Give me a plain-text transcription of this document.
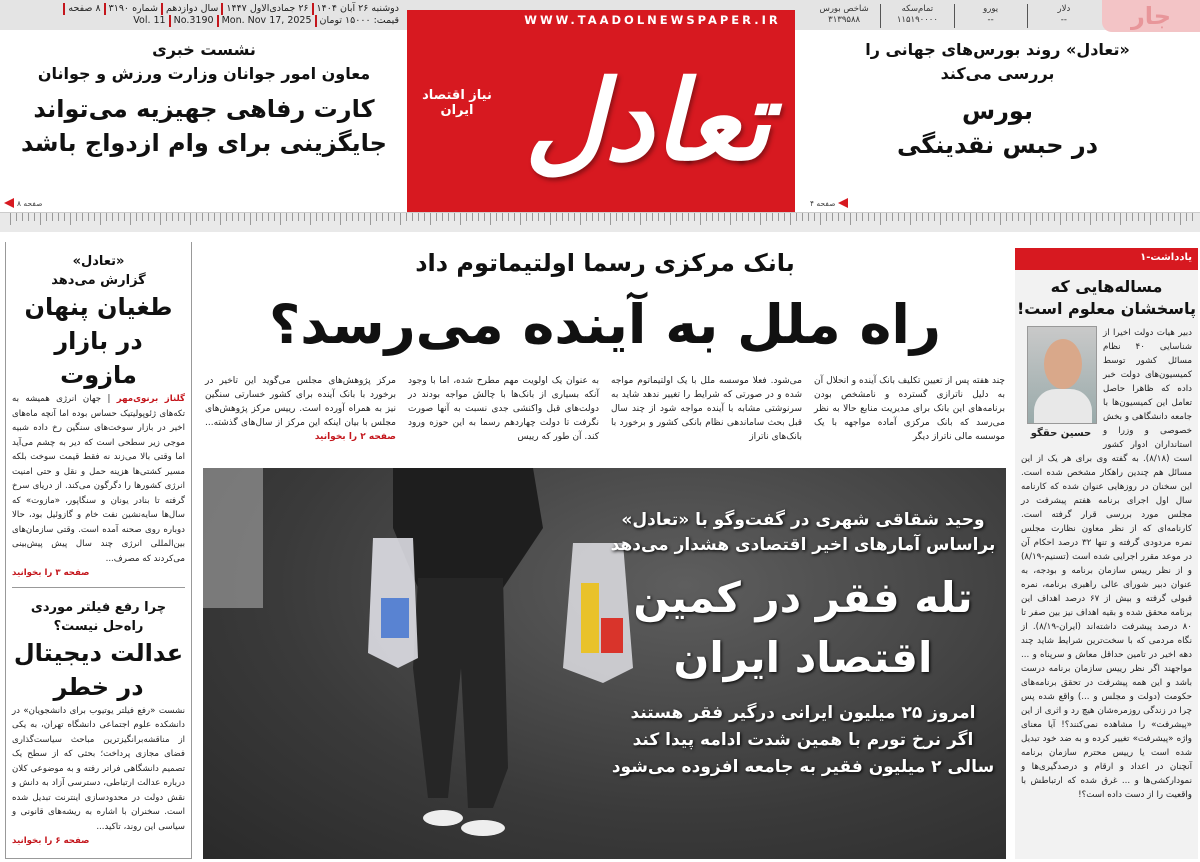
دوشنبه ۲۶ آبان ۱۴۰۴۲۶ جمادی‌الاول ۱۴۴۷سال دوازدهمشماره ۳۱۹۰۸ صفحهقیمت: ۱۵۰۰۰ تومانMon. Nov 17, 2025No.3190Vol. 11
دلار
--
یورو
--
تمام‌سکه
۱۱۵۱۹۰۰۰۰
شاخص بورس
۳۱۳۹۵۸۸	جار
WWW.TAADOLNEWSPAPER.IR
تعادل
نیاز اقتصاد ایران
نشست خبری
معاون امور جوانان وزارت ورزش و جوانان
کارت رفاهی جهیزیه می‌تواند
جایگزینی برای وام ازدواج باشد
صفحه ۸
«تعادل» روند بورس‌های جهانی را
بررسی می‌کند
بورس
در حبس نقدینگی
صفحه ۴
«تعادل»
گزارش می‌دهد
طغیان پنهان
در بازار مازوت
گلناز برنوی‌مهر | جهان انرژی همیشه به تکه‌های ژئوپولیتیک حساس بوده اما آنچه ماه‌های اخیر در بازار سوخت‌های سنگین رخ داده شبیه موجی زیر سطحی است که دیر به چشم می‌آید اما وقتی بالا می‌زند نه فقط قیمت سوخت بلکه مسیر کشتی‌ها هزینه حمل و نقل و حتی امنیت انرژی کشورها را دگرگون می‌کند. از دریای سرخ گرفته تا بنادر یونان و سنگاپور، «مازوت» که سال‌ها سایه‌نشین نفت خام و گازوئیل بود، حالا دوباره روی صحنه آمده است. وقتی سازمان‌های بین‌المللی انرژی چند سال پیش پیش‌بینی می‌کردند که مصرف...
صفحه ۳ را بخوانید
چرا رفع فیلتر موردی
راه‌حل نیست؟
عدالت دیجیتال
در خطر
نشست «رفع فیلتر یوتیوب برای دانشجویان» در دانشکده علوم اجتماعی دانشگاه تهران، به یکی از مناقشه‌برانگیزترین مباحث سیاست‌گذاری فضای مجازی پرداخت؛ بحثی که از سطح یک تصمیم دانشگاهی فراتر رفته و به موضوعی کلان درباره عدالت ارتباطی، دسترسی آزاد به دانش و نقش دولت در محدودسازی اینترنت تبدیل شده است. سخنران با اشاره به ریشه‌های قانونی و سیاسی این روند، تاکید...
صفحه ۶ را بخوانید
بانک مرکزی رسما اولتیماتوم داد
راه ملل به آینده می‌رسد؟
چند هفته پس از تعیین تکلیف بانک آینده و انحلال آن به دلیل ناترازی گسترده و نامشخص بودن برنامه‌های این بانک برای مدیریت منابع حالا به نظر می‌رسد که بانک مرکزی آماده مواجهه با یک موسسه مالی ناتراز دیگر
می‌شود. فعلا موسسه ملل با یک اولتیماتوم مواجه شده و در صورتی که شرایط را تغییر ندهد شاید به سرنوشتی مشابه با آینده مواجه شود از چند سال قبل بحث ساماندهی نظام بانکی کشور و برخورد با بانک‌های ناتراز
به عنوان یک اولویت مهم مطرح شده، اما با وجود آنکه بسیاری از بانک‌ها با چالش مواجه بودند در دولت‌های قبل واکنشی جدی نسبت به آنها صورت نگرفت تا دولت چهاردهم رسما به این حوزه ورود کند. آن طور که رییس
مرکز پژوهش‌های مجلس می‌گوید این تاخیر در برخورد با بانک آینده برای کشور خسارتی سنگین نیز به همراه آورده است. رییس مرکز پژوهش‌های مجلس با بیان اینکه این مرکز از سال‌های گذشته... صفحه ۲ را بخوانید
وحید شقاقی شهری در گفت‌وگو با «تعادل»
براساس آمارهای اخیر اقتصادی هشدار می‌دهد
تله فقر در کمین
اقتصاد ایران
امروز ۲۵ میلیون ایرانی درگیر فقر هستند
اگر نرخ تورم با همین شدت ادامه پیدا کند
سالی ۲ میلیون فقیر به جامعه افزوده می‌شود
یادداشت-۱
مساله‌هایی که
پاسخشان معلوم است!
حسین حقگو
دبیر هیات دولت اخیرا از شناسایی ۴۰ نظام مسائل کشور توسط کمیسیون‌های دولت خبر داده که ظاهرا حاصل تعامل این کمیسیون‌ها با جامعه دانشگاهی و بخش خصوصی و وزرا و استانداران ادوار کشور است (۸/۱۸). به گفته وی برای هر یک از این مسائل هم چندین راهکار مشخص شده است. این سخنان در روزهایی عنوان شده که کارنامه سال اول اجرای برنامه هفتم پیشرفت در مجلس مورد بررسی قرار گرفته است. کارنامه‌ای که از نظر معاون نظارت مجلس نمره مردودی گرفته و تنها ۳۲ درصد احکام آن در موعد مقرر اجرایی شده است (تسنیم-۸/۱۹) و از نظر رییس سازمان برنامه و بودجه، به عنوان دبیر شورای عالی راهبری برنامه، نمره قبولی گرفته و بیش از ۶۷ درصد اهداف این برنامه محقق شده و بقیه اهداف نیز بین صفر تا ۸۰ درصد پیشرفت داشته‌اند (ایران-۸/۱۹). از نگاه مردمی که با سخت‌ترین شرایط شاید چند دهه اخیر در تامین حداقل معاش و سرپناه و ... مواجهند اگر نظر رییس سازمان برنامه درست باشد و این همه پیشرفت در تحقق برنامه‌های حکومت (دولت و مجلس و ...) واقع شده پس چرا در زندگی روزمره‌شان هیچ رد و اثری از این «پیشرفت» را مشاهده نمی‌کنند؟! آیا معنای واژه «پیشرفت» تغییر کرده و به ضد خود تبدیل شده است یا رییس محترم سازمان برنامه آنچنان در اعداد و ارقام و درصدگیری‌ها و نمودارکشی‌ها و ... غرق شده که ارتباطش با واقعیت را از دست داده است؟!
